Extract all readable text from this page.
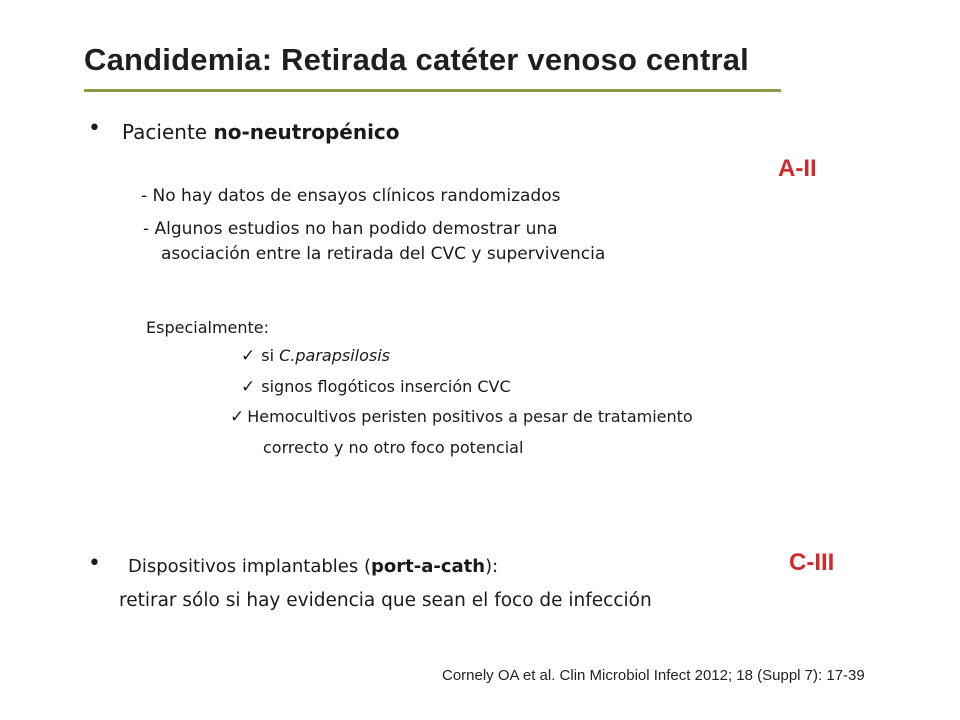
Candidemia: Retirada catéter venoso central
• Paciente no-neutropénico
A-II
- No hay datos de ensayos clínicos randomizados
- Algunos estudios no han podido demostrar una
asociación entre la retirada del CVC y supervivencia
Especialmente:
✓ si C.parapsilosis
✓ signos flogóticos inserción CVC
✓ Hemocultivos peristen positivos a pesar de tratamiento
correcto y no otro foco potencial
• Dispositivos implantables (port-a-cath):	C-III
retirar sólo si hay evidencia que sean el foco de infección
Cornely OA et al. Clin Microbiol Infect 2012; 18 (Suppl 7): 17-39
